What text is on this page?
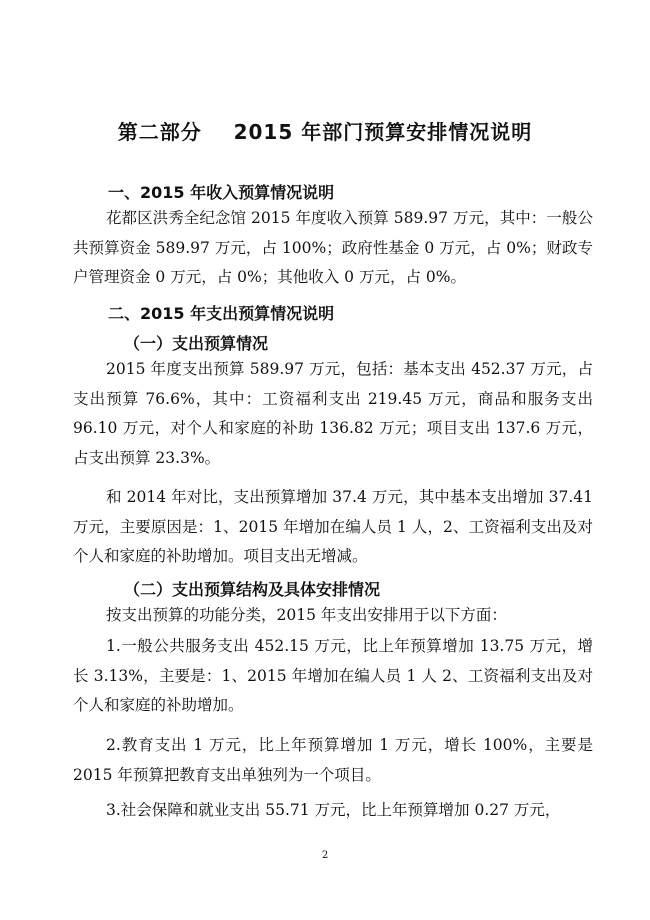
第二部分    2015 年部门预算安排情况说明
一、2015 年收入预算情况说明
花都区洪秀全纪念馆 2015 年度收入预算 589.97 万元，其中：一般公共预算资金 589.97 万元，占 100%；政府性基金 0 万元，占 0%；财政专户管理资金 0 万元，占 0%；其他收入 0 万元，占 0%。
二、2015 年支出预算情况说明
（一）支出预算情况
2015 年度支出预算 589.97 万元，包括：基本支出 452.37 万元，占支出预算 76.6%，其中：工资福利支出 219.45 万元，商品和服务支出 96.10 万元，对个人和家庭的补助 136.82 万元；项目支出 137.6 万元，占支出预算 23.3%。
和 2014 年对比，支出预算增加 37.4 万元，其中基本支出增加 37.41 万元，主要原因是：1、2015 年增加在编人员 1 人，2、工资福利支出及对个人和家庭的补助增加。项目支出无增减。
（二）支出预算结构及具体安排情况
按支出预算的功能分类，2015 年支出安排用于以下方面：
1.一般公共服务支出 452.15 万元，比上年预算增加 13.75 万元，增长 3.13%，主要是：1、2015 年增加在编人员 1 人 2、工资福利支出及对个人和家庭的补助增加。
2.教育支出 1 万元，比上年预算增加 1 万元，增长 100%，主要是 2015 年预算把教育支出单独列为一个项目。
3.社会保障和就业支出 55.71 万元，比上年预算增加 0.27 万元，
2
